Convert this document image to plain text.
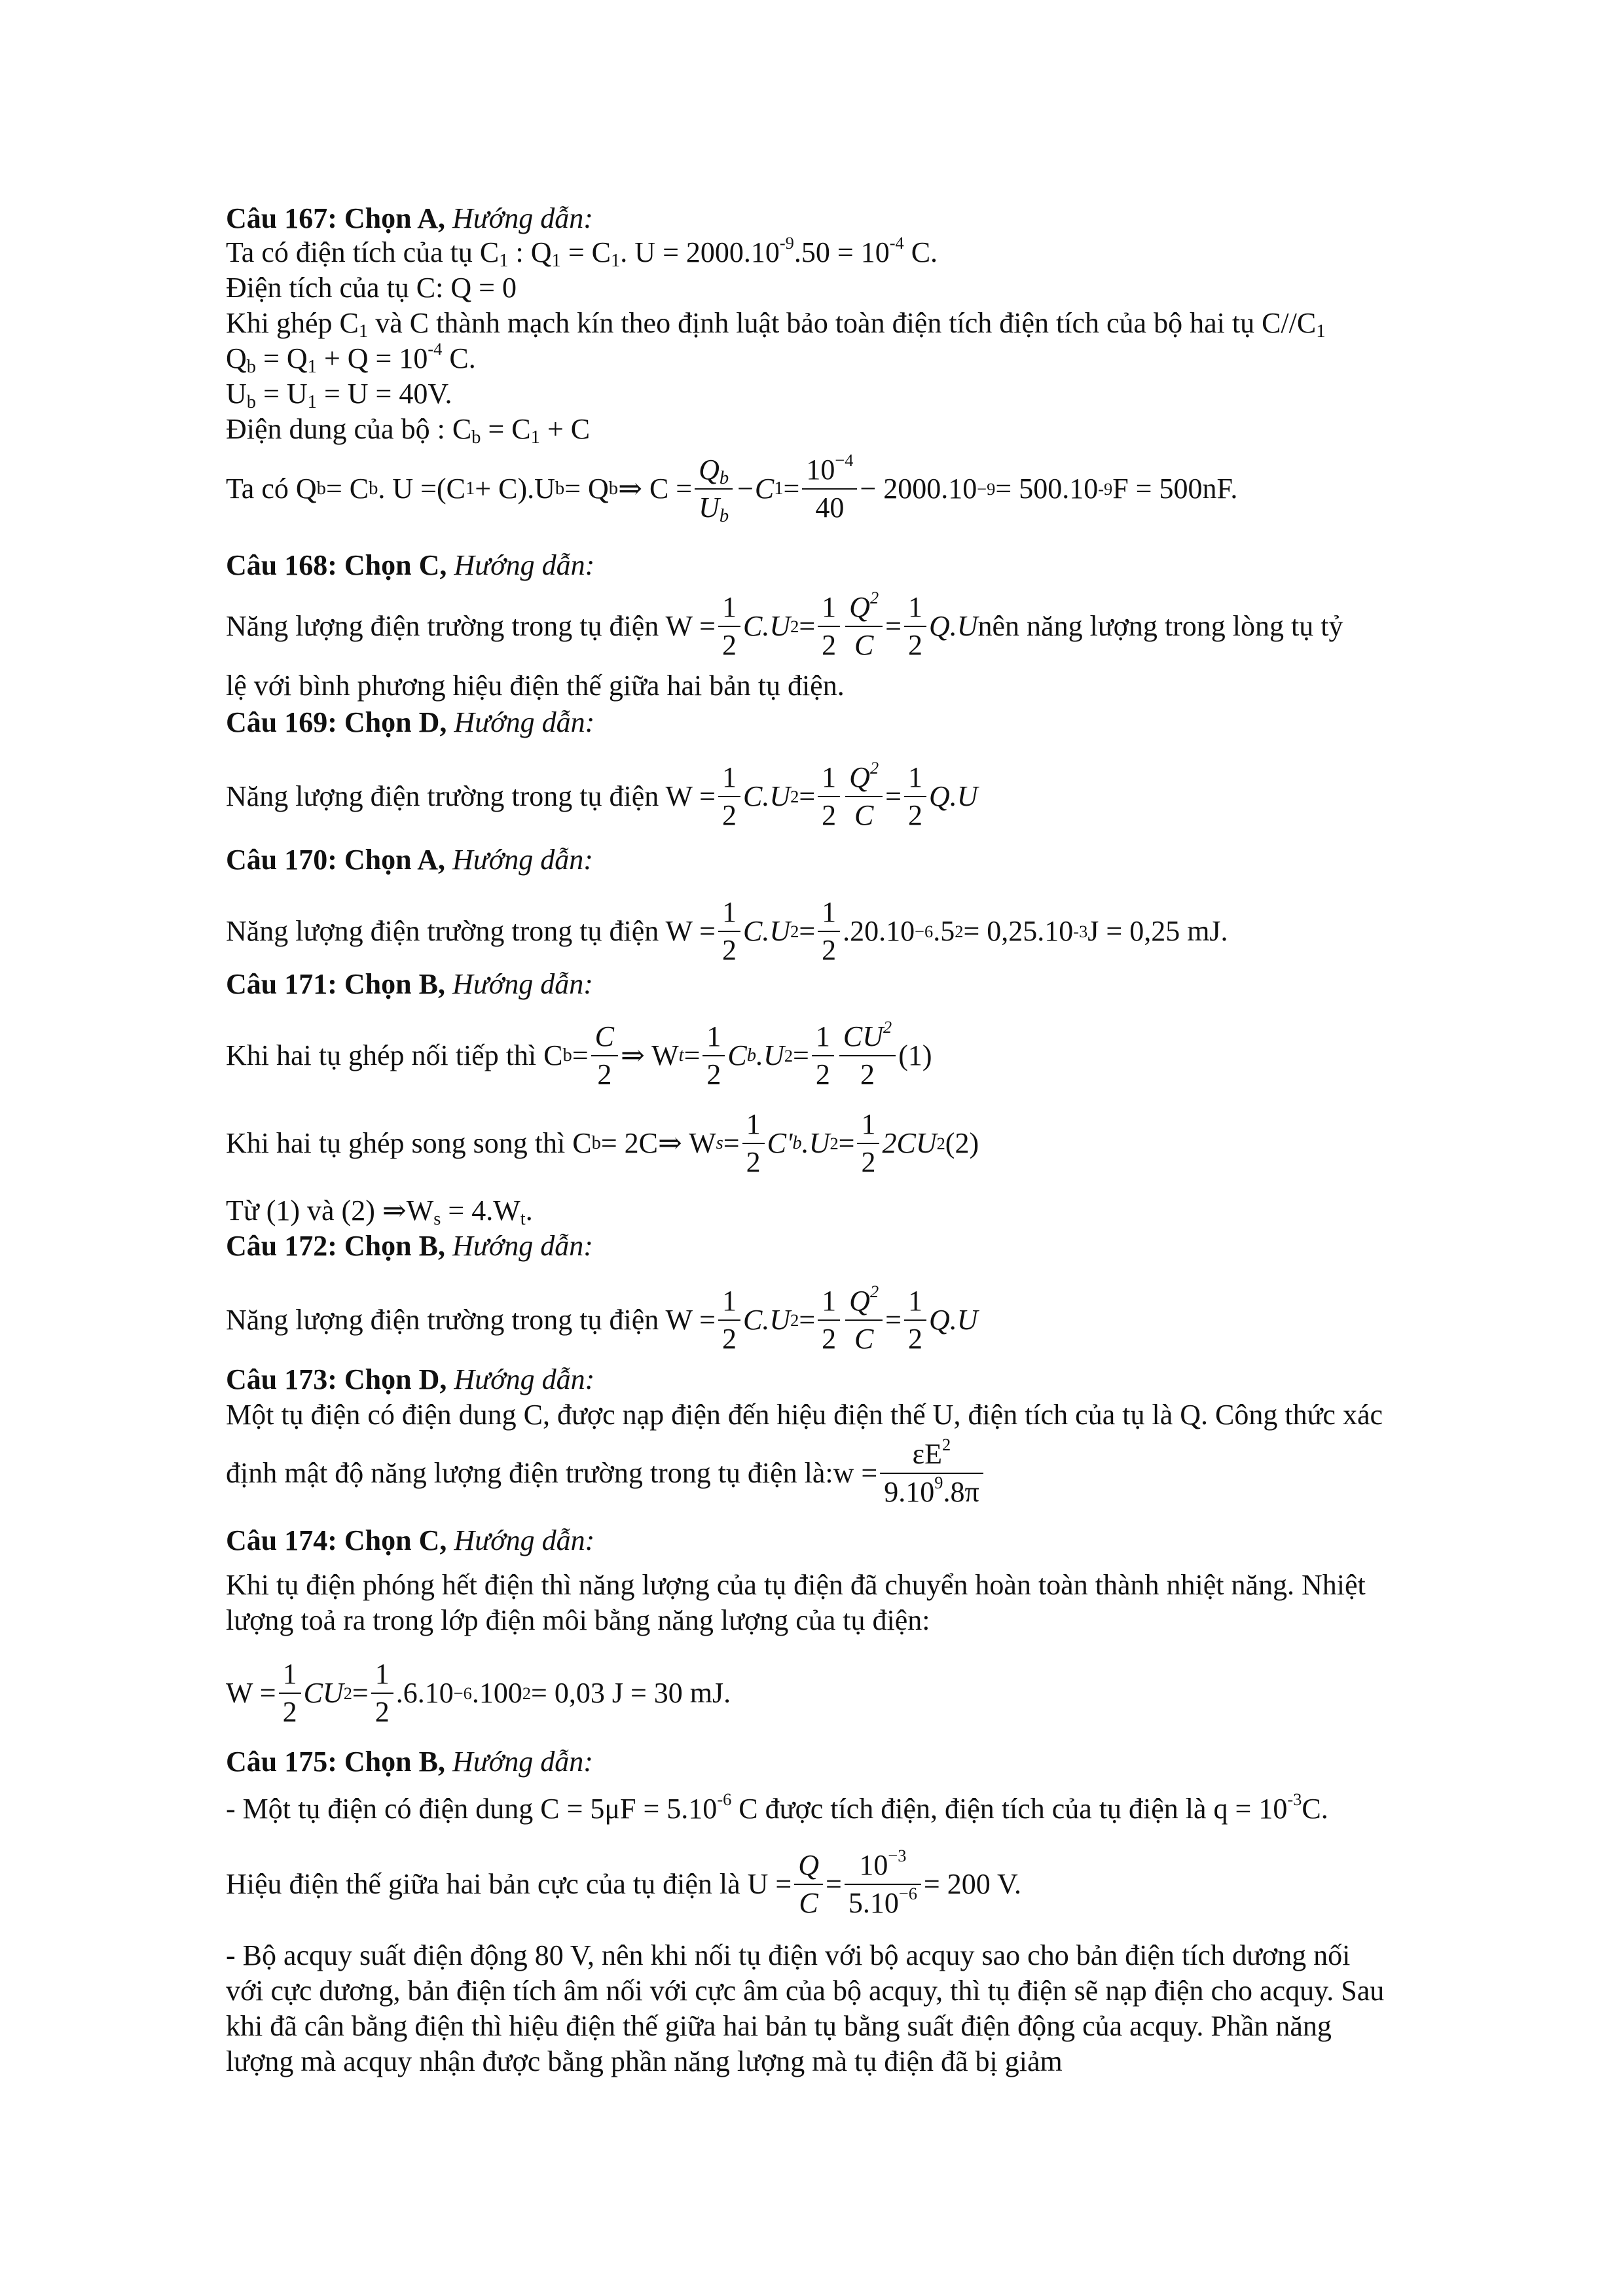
Câu 167: Chọn A, Hướng dẫn:
Ta có điện tích của tụ $C_1$ : $Q_1 = C_1$. $U = 2000.10^{-9}.50 = 10^{-4}$ C.
Điện tích của tụ C: Q = 0
Khi ghép $C_1$ và C thành mạch kín theo định luật bảo toàn điện tích điện tích của bộ hai tụ $C//C_1$
$Q_b = Q_1 + Q = 10^{-4}$ C.
$U_b = U_1 = U = 40V$.
Điện dung của bộ : $C_b = C_1 + C$
Ta có Q b = C b . U =(C 1 + C).U b = Q b ⇒ $C = \frac{Q_b}{U_b} -C$ $1 = \frac{10^{-4}}{40} - 2000.10 -9 = 500.10$ -9 F = 500nF.
Câu 168: Chọn C, Hướng dẫn:
Năng lượng điện trường trong tụ điện $W = \frac{1}{2} C.U$ $2 = \frac{1}{2} \frac{Q^2}{C} = \frac{1}{2} Q.U$ nên năng lượng trong lòng tụ tỷ
lệ với bình phương hiệu điện thế giữa hai bản tụ điện.
Câu 169: Chọn D, Hướng dẫn:
Năng lượng điện trường trong tụ điện $W = \frac{1}{2} C.U$ $2 = \frac{1}{2} \frac{Q^2}{C} = \frac{1}{2} Q.U$
Câu 170: Chọn A, Hướng dẫn:
Năng lượng điện trường trong tụ điện $W = \frac{1}{2} C.U$ $2 = \frac{1}{2} .20.10 -6$ .5 2 = 0,25.10 -3 J = 0,25 mJ.
Câu 171: Chọn B, Hướng dẫn:
Khi hai tụ ghép nối tiếp thì C $b = \frac{C}{2}$ ⇒ W $t = \frac{1}{2}$ C b . U $2 = \frac{1}{2} \frac{CU^2}{2} (1)$
Khi hai tụ ghép song song thì C b = 2C⇒ W $s = \frac{1}{2} C'$ b . U $2 = \frac{1}{2} 2CU$ 2 (2)
Từ (1) và (2) $\Rightarrow W_s = 4.W_t$.
Câu 172: Chọn B, Hướng dẫn:
Năng lượng điện trường trong tụ điện $W = \frac{1}{2} C.U$ $2 = \frac{1}{2} \frac{Q^2}{C} = \frac{1}{2} Q.U$
Câu 173: Chọn D, Hướng dẫn:
Một tụ điện có điện dung C, được nạp điện đến hiệu điện thế U, điện tích của tụ là Q. Công thức xác
định mật độ năng lượng điện trường trong tụ điện là:w = $\frac{\varepsilon E^2}{9.10^9.8\pi}$
Câu 174: Chọn C, Hướng dẫn:
Khi tụ điện phóng hết điện thì năng lượng của tụ điện đã chuyển hoàn toàn thành nhiệt năng. Nhiệt
lượng toả ra trong lớp điện môi bằng năng lượng của tụ điện:
$W = \frac{1}{2}$ CU $2 = \frac{1}{2} .6.10 -6$ .100 2 = 0,03 J = 30 mJ.
Câu 175: Chọn B, Hướng dẫn:
- Một tụ điện có điện dung $C = 5\mu F = 5.10^{-6}$ C được tích điện, điện tích của tụ điện là $q = 10^{-3}C$.
Hiệu điện thế giữa hai bản cực của tụ điện là $U = \frac{Q}{C} = \frac{10^{-3}}{5.10^{-6}} = 200$ V.
- Bộ acquy suất điện động 80 V, nên khi nối tụ điện với bộ acquy sao cho bản điện tích dương nối
với cực dương, bản điện tích âm nối với cực âm của bộ acquy, thì tụ điện sẽ nạp điện cho acquy. Sau
khi đã cân bằng điện thì hiệu điện thế giữa hai bản tụ bằng suất điện động của acquy. Phần năng
lượng mà acquy nhận được bằng phần năng lượng mà tụ điện đã bị giảm
